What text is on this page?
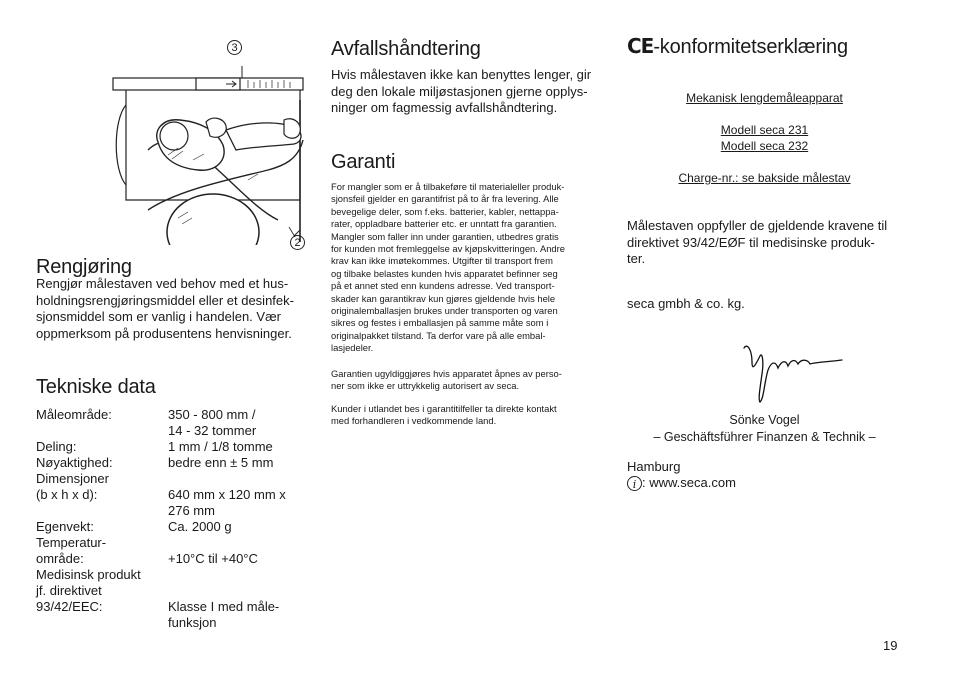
3
2
Rengjøring
Rengjør målestaven ved behov med et hus-
holdningsrengjøringsmiddel eller et desinfek-
sjonsmiddel som er vanlig i handelen. Vær
oppmerksom på produsentens henvisninger.
Tekniske data
Måleområde:	350 - 800 mm /
14 - 32 tommer
Deling:	1 mm / 1/8 tomme
Nøyaktighed:	bedre enn ± 5 mm
Dimensjoner
(b x h x d):	640 mm x 120 mm x
276 mm
Egenvekt:	Ca. 2000 g
Temperatur-
område:	+10°C til +40°C
Medisinsk produkt
jf. direktivet
93/42/EEC:	Klasse I med måle-
funksjon
Avfallshåndtering
Hvis målestaven ikke kan benyttes lenger, gir
deg den lokale miljøstasjonen gjerne opplys-
ninger om fagmessig avfallshåndtering.
Garanti
For mangler som er å tilbakeføre til materialeller produk-
sjonsfeil gjelder en garantifrist på to år fra levering. Alle
bevegelige deler, som f.eks. batterier, kabler, nettappa-
rater, oppladbare batterier etc. er unntatt fra garantien.
Mangler som faller inn under garantien, utbedres gratis
for kunden mot fremleggelse av kjøpskvitteringen. Andre
krav kan ikke imøtekommes. Utgifter til transport frem
og tilbake belastes kunden hvis apparatet befinner seg
på et annet sted enn kundens adresse. Ved transport-
skader kan garantikrav kun gjøres gjeldende hvis hele
originalemballasjen brukes under transporten og varen
sikres og festes i emballasjen på samme måte som i
originalpakket tilstand. Ta derfor vare på alle embal-
lasjedeler.
Garantien ugyldiggjøres hvis apparatet åpnes av perso-
ner som ikke er uttrykkelig autorisert av seca.
Kunder i utlandet bes i garantitilfeller ta direkte kontakt
med forhandleren i vedkommende land.
CE-konformitetserklæring
Mekanisk lengdemåleapparat
Modell seca 231
Modell seca 232
Charge-nr.: se bakside målestav
Målestaven oppfyller de gjeldende kravene til
direktivet 93/42/EØF til medisinske produk-
ter.
seca gmbh & co. kg.
Sönke Vogel
– Geschäftsführer Finanzen & Technik –
Hamburg
i : www.seca.com
19
